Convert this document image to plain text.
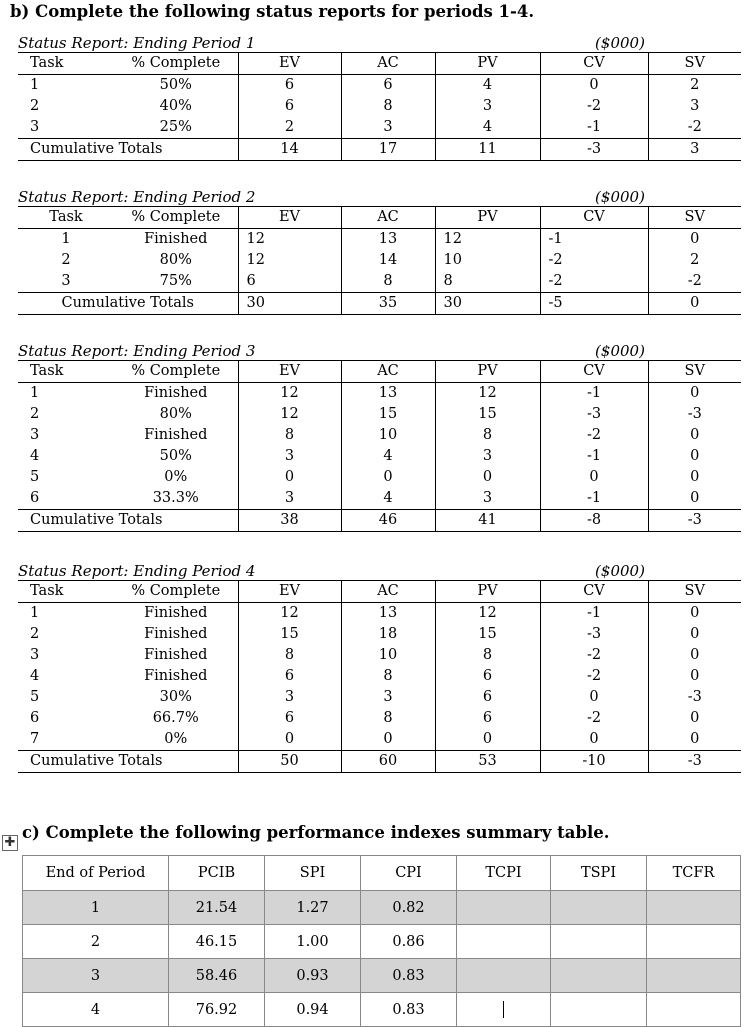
b) Complete the following status reports for periods 1-4.
Status Report: Ending Period 1	($000)
Task	% Complete	EV	AC	PV	CV	SV
1	50%	6	6	4	0	2
2	40%	6	8	3	-2	3
3	25%	2	3	4	-1	-2
Cumulative Totals		14	17	11	-3	3
Status Report: Ending Period 2	($000)
Task	% Complete	EV	AC	PV	CV	SV
1	Finished	12	13	12	-1	0
2	80%	12	14	10	-2	2
3	75%	6	8	8	-2	-2
Cumulative Totals		30	35	30	-5	0
Status Report: Ending Period 3	($000)
Task	% Complete	EV	AC	PV	CV	SV
1	Finished	12	13	12	-1	0
2	80%	12	15	15	-3	-3
3	Finished	8	10	8	-2	0
4	50%	3	4	3	-1	0
5	0%	0	0	0	0	0
6	33.3%	3	4	3	-1	0
Cumulative Totals		38	46	41	-8	-3
Status Report: Ending Period 4	($000)
Task	% Complete	EV	AC	PV	CV	SV
1	Finished	12	13	12	-1	0
2	Finished	15	18	15	-3	0
3	Finished	8	10	8	-2	0
4	Finished	6	8	6	-2	0
5	30%	3	3	6	0	-3
6	66.7%	6	8	6	-2	0
7	0%	0	0	0	0	0
Cumulative Totals		50	60	53	-10	-3
c) Complete the following performance indexes summary table.
✚
End of Period	PCIB	SPI	CPI	TCPI	TSPI	TCFR
1	21.54	1.27	0.82			
2	46.15	1.00	0.86			
3	58.46	0.93	0.83			
4	76.92	0.94	0.83			
